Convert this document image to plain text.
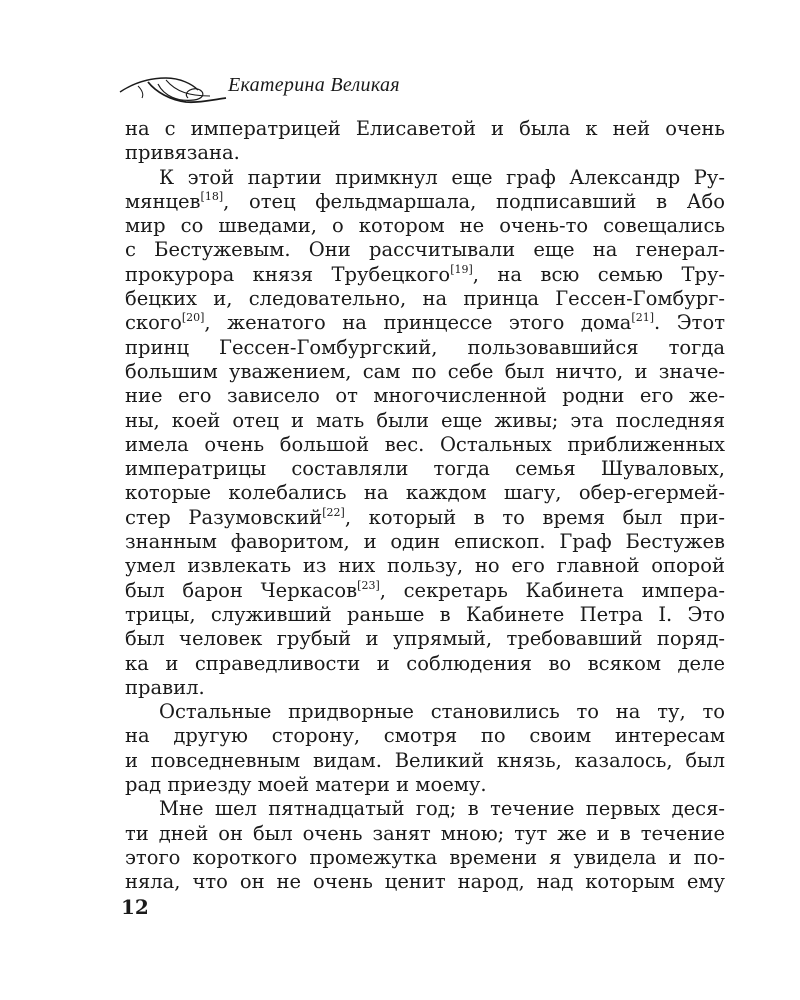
Екатерина Великая
на с императрицей Елисаветой и была к ней очень
привязана.
К этой партии примкнул еще граф Александр Ру-
мянцев[18], отец фельдмаршала, подписавший в Або
мир со шведами, о котором не очень-то совещались
с Бестужевым. Они рассчитывали еще на генерал-
прокурора князя Трубецкого[19], на всю семью Тру-
бецких и, следовательно, на принца Гессен-Гомбург-
ского[20], женатого на принцессе этого дома[21]. Этот
принц Гессен-Гомбургский, пользовавшийся тогда
большим уважением, сам по себе был ничто, и значе-
ние его зависело от многочисленной родни его же-
ны, коей отец и мать были еще живы; эта последняя
имела очень большой вес. Остальных приближенных
императрицы составляли тогда семья Шуваловых,
которые колебались на каждом шагу, обер-егермей-
стер Разумовский[22], который в то время был при-
знанным фаворитом, и один епископ. Граф Бестужев
умел извлекать из них пользу, но его главной опорой
был барон Черкасов[23], секретарь Кабинета импера-
трицы, служивший раньше в Кабинете Петра I. Это
был человек грубый и упрямый, требовавший поряд-
ка и справедливости и соблюдения во всяком деле
правил.
Остальные придворные становились то на ту, то
на другую сторону, смотря по своим интересам
и повседневным видам. Великий князь, казалось, был
рад приезду моей матери и моему.
Мне шел пятнадцатый год; в течение первых деся-
ти дней он был очень занят мною; тут же и в течение
этого короткого промежутка времени я увидела и по-
няла, что он не очень ценит народ, над которым ему
12
